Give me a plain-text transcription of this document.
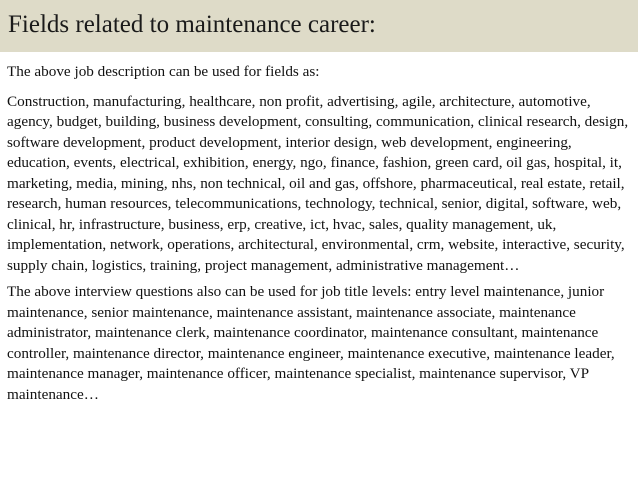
Fields related to maintenance career:

The above job description can be used for fields as:

Construction, manufacturing, healthcare, non profit, advertising, agile, architecture, automotive, agency, budget, building, business development, consulting, communication, clinical research, design, software development, product development, interior design, web development, engineering, education, events, electrical, exhibition, energy, ngo, finance, fashion, green card, oil gas, hospital, it, marketing, media, mining, nhs, non technical, oil and gas, offshore, pharmaceutical, real estate, retail, research, human resources, telecommunications, technology, technical, senior, digital, software, web, clinical, hr, infrastructure, business, erp, creative, ict, hvac, sales, quality management, uk, implementation, network, operations, architectural, environmental, crm, website, interactive, security, supply chain, logistics, training, project management, administrative management…

The above interview questions also can be used for job title levels: entry level maintenance, junior maintenance, senior maintenance, maintenance assistant, maintenance associate, maintenance administrator, maintenance clerk, maintenance coordinator, maintenance consultant, maintenance controller, maintenance director, maintenance engineer, maintenance executive, maintenance leader, maintenance manager, maintenance officer, maintenance specialist, maintenance supervisor, VP maintenance…
